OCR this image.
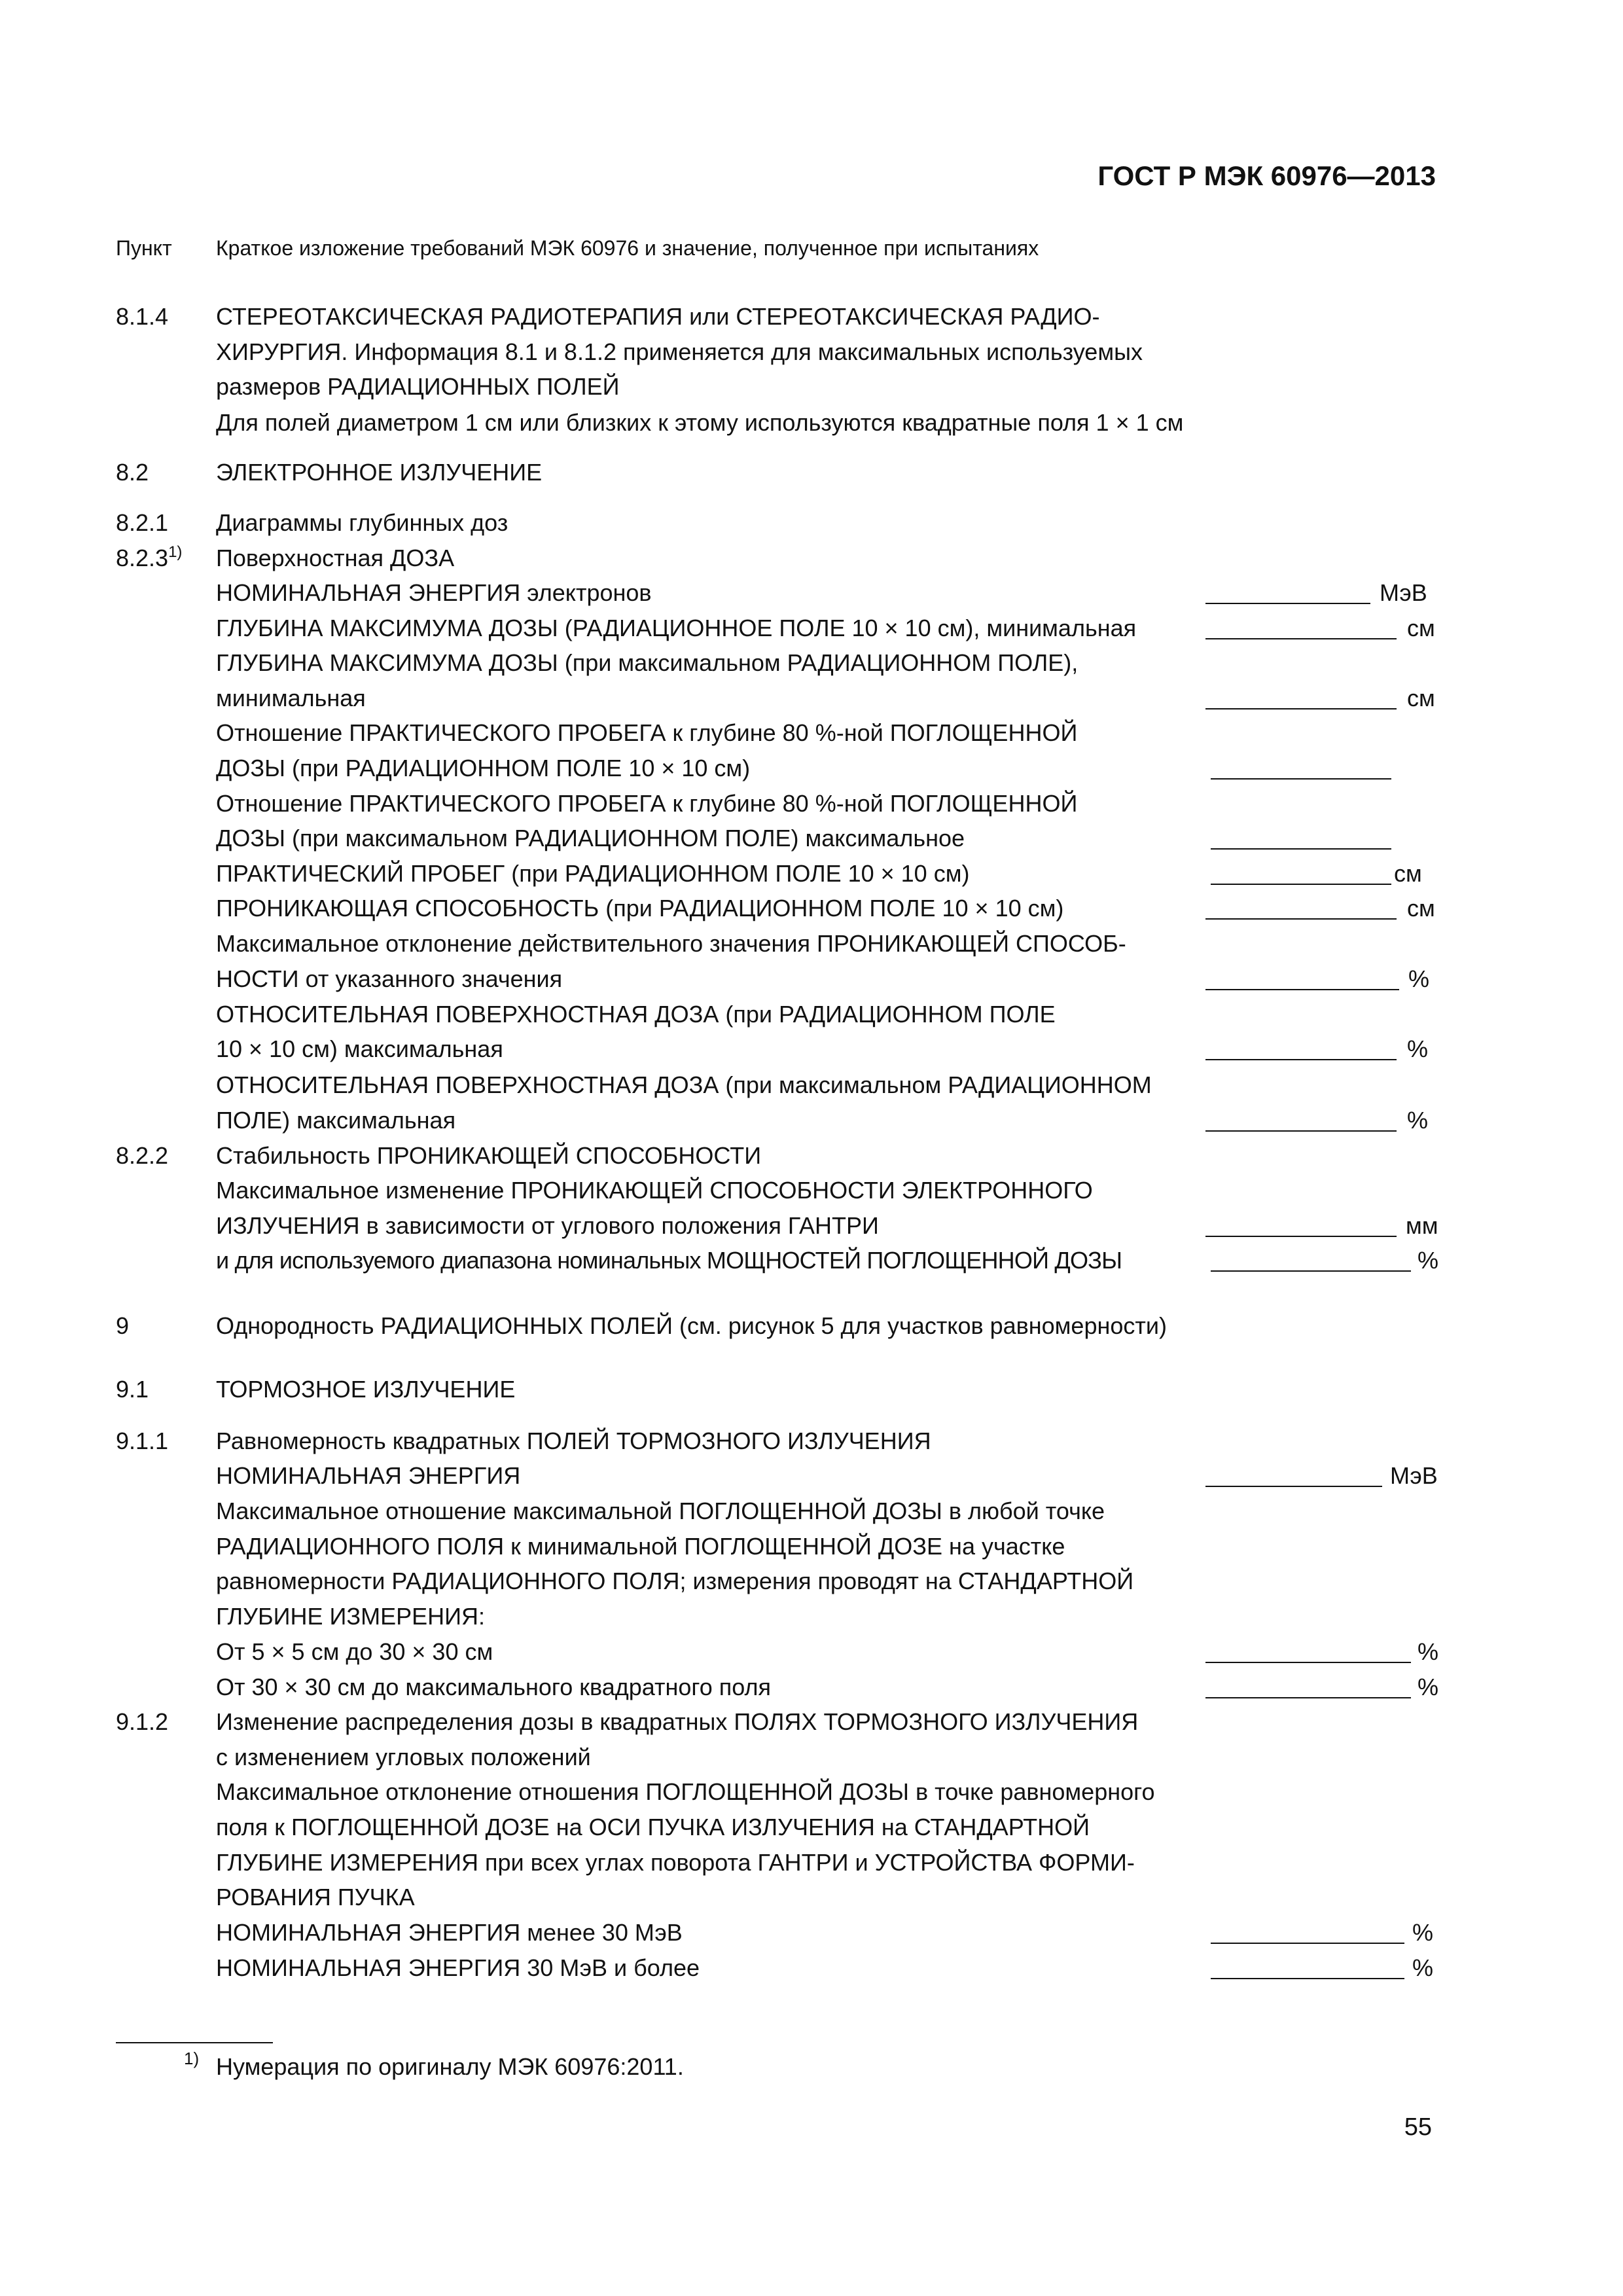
ГОСТ Р МЭК 60976—2013
Пункт Краткое изложение требований МЭК 60976 и значение, полученное при испытаниях
8.1.4 СТЕРЕОТАКСИЧЕСКАЯ РАДИОТЕРАПИЯ или СТЕРЕОТАКСИЧЕСКАЯ РАДИО-
ХИРУРГИЯ. Информация 8.1 и 8.1.2 применяется для максимальных используемых
размеров РАДИАЦИОННЫХ ПОЛЕЙ
Для полей диаметром 1 см или близких к этому используются квадратные поля 1 × 1 см
8.2	ЭЛЕКТРОННОЕ ИЗЛУЧЕНИЕ
8.2.1 Диаграммы глубинных доз
8.2.3$^{1)}$ Поверхностная ДОЗА
НОМИНАЛЬНАЯ ЭНЕРГИЯ электронов	МэВ
ГЛУБИНА МАКСИМУМА ДОЗЫ (РАДИАЦИОННОЕ ПОЛЕ 10 × 10 см), минимальная	см
ГЛУБИНА МАКСИМУМА ДОЗЫ (при максимальном РАДИАЦИОННОМ ПОЛЕ),
минимальная	см
Отношение ПРАКТИЧЕСКОГО ПРОБЕГА к глубине 80 %-ной ПОГЛОЩЕННОЙ
ДОЗЫ (при РАДИАЦИОННОМ ПОЛЕ 10 × 10 см)
Отношение ПРАКТИЧЕСКОГО ПРОБЕГА к глубине 80 %-ной ПОГЛОЩЕННОЙ
ДОЗЫ (при максимальном РАДИАЦИОННОМ ПОЛЕ) максимальное
ПРАКТИЧЕСКИЙ ПРОБЕГ (при РАДИАЦИОННОМ ПОЛЕ 10 × 10 см)	см
ПРОНИКАЮЩАЯ СПОСОБНОСТЬ (при РАДИАЦИОННОМ ПОЛЕ 10 × 10 см)	см
Максимальное отклонение действительного значения ПРОНИКАЮЩЕЙ СПОСОБ-
НОСТИ от указанного значения	%
ОТНОСИТЕЛЬНАЯ ПОВЕРХНОСТНАЯ ДОЗА (при РАДИАЦИОННОМ ПОЛЕ
10 × 10 см) максимальная	%
ОТНОСИТЕЛЬНАЯ ПОВЕРХНОСТНАЯ ДОЗА (при максимальном РАДИАЦИОННОМ
ПОЛЕ) максимальная	%
8.2.2 Стабильность ПРОНИКАЮЩЕЙ СПОСОБНОСТИ
Максимальное изменение ПРОНИКАЮЩЕЙ СПОСОБНОСТИ ЭЛЕКТРОННОГО
ИЗЛУЧЕНИЯ в зависимости от углового положения ГАНТРИ	мм
и для используемого диапазона номинальных МОЩНОСТЕЙ ПОГЛОЩЕННОЙ ДОЗЫ	%
9	Однородность РАДИАЦИОННЫХ ПОЛЕЙ (см. рисунок 5 для участков равномерности)
9.1	ТОРМОЗНОЕ ИЗЛУЧЕНИЕ
9.1.1 Равномерность квадратных ПОЛЕЙ ТОРМОЗНОГО ИЗЛУЧЕНИЯ
НОМИНАЛЬНАЯ ЭНЕРГИЯ	МэВ
Максимальное отношение максимальной ПОГЛОЩЕННОЙ ДОЗЫ в любой точке
РАДИАЦИОННОГО ПОЛЯ к минимальной ПОГЛОЩЕННОЙ ДОЗЕ на участке
равномерности РАДИАЦИОННОГО ПОЛЯ; измерения проводят на СТАНДАРТНОЙ
ГЛУБИНЕ ИЗМЕРЕНИЯ:
От 5 × 5 см до 30 × 30 см	%
От 30 × 30 см до максимального квадратного поля	%
9.1.2 Изменение распределения дозы в квадратных ПОЛЯХ ТОРМОЗНОГО ИЗЛУЧЕНИЯ
с изменением угловых положений
Максимальное отклонение отношения ПОГЛОЩЕННОЙ ДОЗЫ в точке равномерного
поля к ПОГЛОЩЕННОЙ ДОЗЕ на ОСИ ПУЧКА ИЗЛУЧЕНИЯ на СТАНДАРТНОЙ
ГЛУБИНЕ ИЗМЕРЕНИЯ при всех углах поворота ГАНТРИ и УСТРОЙСТВА ФОРМИ-
РОВАНИЯ ПУЧКА
НОМИНАЛЬНАЯ ЭНЕРГИЯ менее 30 МэВ	%
НОМИНАЛЬНАЯ ЭНЕРГИЯ 30 МэВ и более	%
1) Нумерация по оригиналу МЭК 60976:2011.
55
